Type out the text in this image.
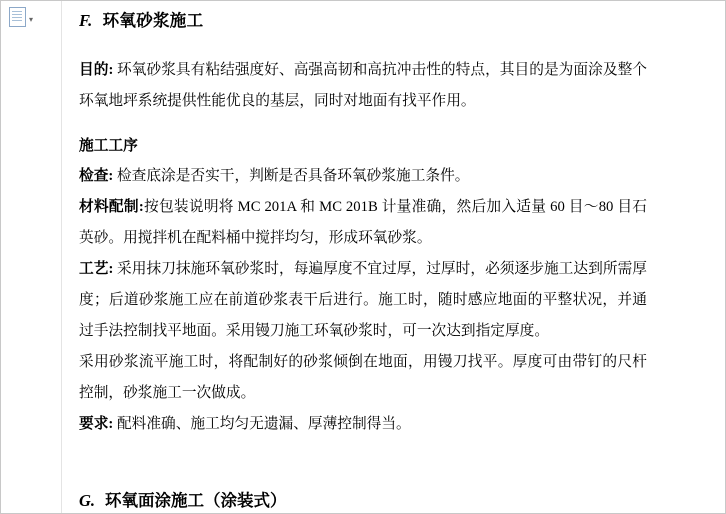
▾	F. 环氧砂浆施工

目的: 环氧砂浆具有粘结强度好、高强高韧和高抗冲击性的特点，其目的是为面涂及整个环氧地坪系统提供性能优良的基层，同时对地面有找平作用。

施工工序

检查: 检查底涂是否实干，判断是否具备环氧砂浆施工条件。

材料配制:按包装说明将 MC 201A 和 MC 201B 计量准确，然后加入适量 60 目～80 目石英砂。用搅拌机在配料桶中搅拌均匀，形成环氧砂浆。

工艺: 采用抹刀抹施环氧砂浆时，每遍厚度不宜过厚，过厚时，必须逐步施工达到所需厚度；后道砂浆施工应在前道砂浆表干后进行。施工时，随时感应地面的平整状况，并通过手法控制找平地面。采用镘刀施工环氧砂浆时，可一次达到指定厚度。

采用砂浆流平施工时，将配制好的砂浆倾倒在地面，用镘刀找平。厚度可由带钉的尺杆控制，砂浆施工一次做成。

要求: 配料准确、施工均匀无遗漏、厚薄控制得当。

G. 环氧面涂施工（涂装式）
